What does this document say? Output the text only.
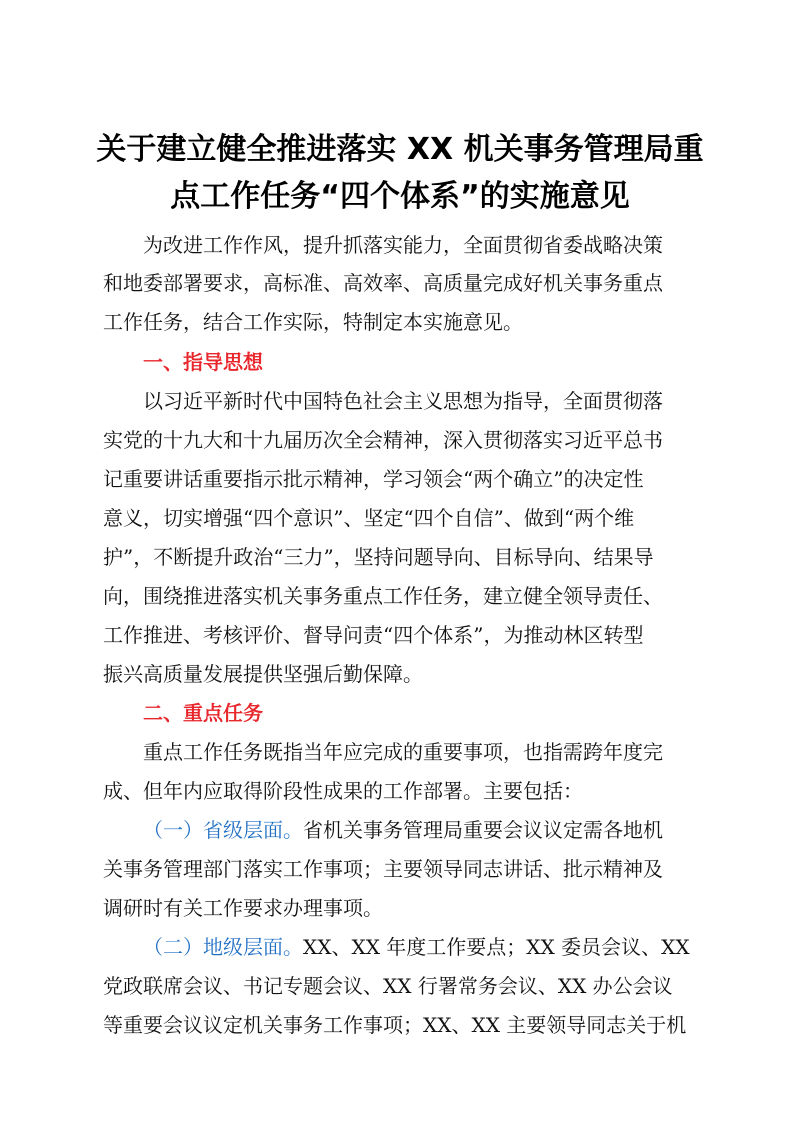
关于建立健全推进落实 XX 机关事务管理局重
点工作任务“四个体系”的实施意见
为改进工作作风，提升抓落实能力，全面贯彻省委战略决策
和地委部署要求，高标准、高效率、高质量完成好机关事务重点
工作任务，结合工作实际，特制定本实施意见。
一、指导思想
以习近平新时代中国特色社会主义思想为指导，全面贯彻落
实党的十九大和十九届历次全会精神，深入贯彻落实习近平总书
记重要讲话重要指示批示精神，学习领会“两个确立”的决定性
意义，切实增强“四个意识”、坚定“四个自信”、做到“两个维
护”，不断提升政治“三力”，坚持问题导向、目标导向、结果导
向，围绕推进落实机关事务重点工作任务，建立健全领导责任、
工作推进、考核评价、督导问责“四个体系”，为推动林区转型
振兴高质量发展提供坚强后勤保障。
二、重点任务
重点工作任务既指当年应完成的重要事项，也指需跨年度完
成、但年内应取得阶段性成果的工作部署。主要包括：
（一）省级层面。省机关事务管理局重要会议议定需各地机
关事务管理部门落实工作事项；主要领导同志讲话、批示精神及
调研时有关工作要求办理事项。
（二）地级层面。XX、XX 年度工作要点；XX 委员会议、XX
党政联席会议、书记专题会议、XX 行署常务会议、XX 办公会议
等重要会议议定机关事务工作事项；XX、XX 主要领导同志关于机
